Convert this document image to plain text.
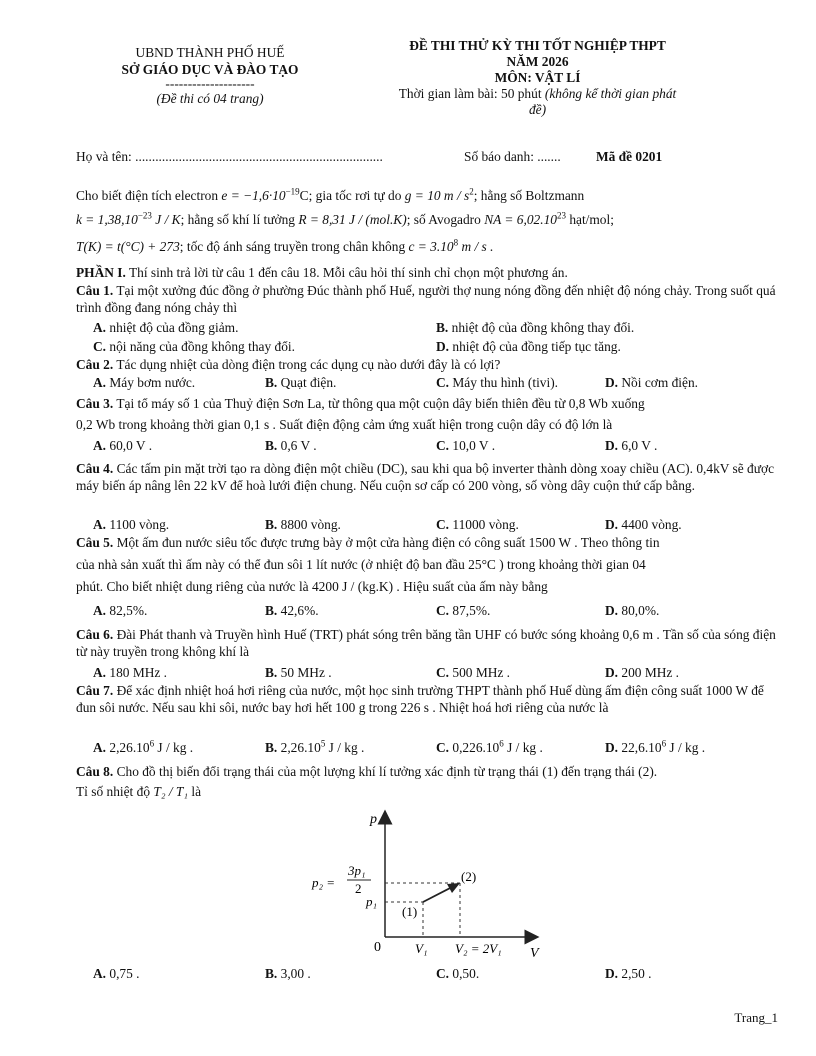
UBND THÀNH PHỐ HUẾ
SỞ GIÁO DỤC VÀ ĐÀO TẠO
--------------------
(Đề thi có 04 trang)
ĐỀ THI THỬ KỲ THI TỐT NGHIỆP THPT
NĂM 2026
MÔN: VẬT LÍ
Thời gian làm bài: 50 phút (không kể thời gian phát
đề)
Họ và tên: ..........................................................................	Số báo danh: .......	Mã đề 0201
Cho biết điện tích electron $e = -1,6\cdot 10^{-19}C$; gia tốc rơi tự do g = 10 m / $s^2$; hằng số Boltzmann
$k = 1,38,10^{-23}$ J / K; hằng số khí lí tưởng R = 8,31 J / (mol.K); số Avogadro NA = $6,02.10^{23}$ hạt/mol;
T(K) = t(°C) + 273; tốc độ ánh sáng truyền trong chân không $c = 3.10^8$ m / s .
PHẦN I. Thí sinh trả lời từ câu 1 đến câu 18. Mỗi câu hỏi thí sinh chỉ chọn một phương án.
Câu 1. Tại một xưởng đúc đồng ở phường Đúc thành phố Huế, người thợ nung nóng đồng đến nhiệt độ nóng chảy. Trong suốt quá trình đồng đang nóng chảy thì
A. nhiệt độ của đồng giảm.	B. nhiệt độ của đồng không thay đổi.
C. nội năng của đồng không thay đổi.	D. nhiệt độ của đồng tiếp tục tăng.
Câu 2. Tác dụng nhiệt của dòng điện trong các dụng cụ nào dưới đây là có lợi?
A. Máy bơm nước.	B. Quạt điện.	C. Máy thu hình (tivi).	D. Nồi cơm điện.
Câu 3. Tại tổ máy số 1 của Thuỷ điện Sơn La, từ thông qua một cuộn dây biến thiên đều từ 0,8 Wb xuống
0,2 Wb trong khoảng thời gian 0,1 s . Suất điện động cảm ứng xuất hiện trong cuộn dây có độ lớn là
A. 60,0 V .	B. 0,6 V .	C. 10,0 V .	D. 6,0 V .
Câu 4. Các tấm pin mặt trời tạo ra dòng điện một chiều (DC), sau khi qua bộ inverter thành dòng xoay chiều (AC). 0,4kV sẽ được máy biến áp nâng lên 22 kV để hoà lưới điện chung. Nếu cuộn sơ cấp có 200 vòng, số vòng dây cuộn thứ cấp bằng.
A. 1100 vòng.	B. 8800 vòng.	C. 11000 vòng.	D. 4400 vòng.
Câu 5. Một ấm đun nước siêu tốc được trưng bày ở một cửa hàng điện có công suất 1500 W . Theo thông tin
của nhà sản xuất thì ấm này có thể đun sôi 1 lít nước (ở nhiệt độ ban đầu 25°C ) trong khoảng thời gian 04
phút. Cho biết nhiệt dung riêng của nước là 4200 J / (kg.K) . Hiệu suất của ấm này bằng
A. 82,5%.	B. 42,6%.	C. 87,5%.	D. 80,0%.
Câu 6. Đài Phát thanh và Truyền hình Huế (TRT) phát sóng trên băng tần UHF có bước sóng khoảng 0,6 m . Tần số của sóng điện từ này truyền trong không khí là
A. 180 MHz .	B. 50 MHz .	C. 500 MHz .	D. 200 MHz .
Câu 7. Để xác định nhiệt hoá hơi riêng của nước, một học sinh trường THPT thành phố Huế dùng ấm điện công suất 1000 W để đun sôi nước. Nếu sau khi sôi, nước bay hơi hết 100 g trong 226 s . Nhiệt hoá hơi riêng của nước là
A. 2,26.10$^6$ J / kg .	B. 2,26.10$^5$ J / kg .	C. 0,226.10$^6$ J / kg .	D. 22,6.10$^6$ J / kg .
Câu 8. Cho đồ thị biến đổi trạng thái của một lượng khí lí tưởng xác định từ trạng thái (1) đến trạng thái (2).
Tỉ số nhiệt độ T₂ / T₁ là
p
V
0
p₂ =
3p₁
2
p₁
V₁ V₂ = 2V₁
(1)
(2)
A. 0,75 .	B. 3,00 .	C. 0,50.	D. 2,50 .
Trang_1
